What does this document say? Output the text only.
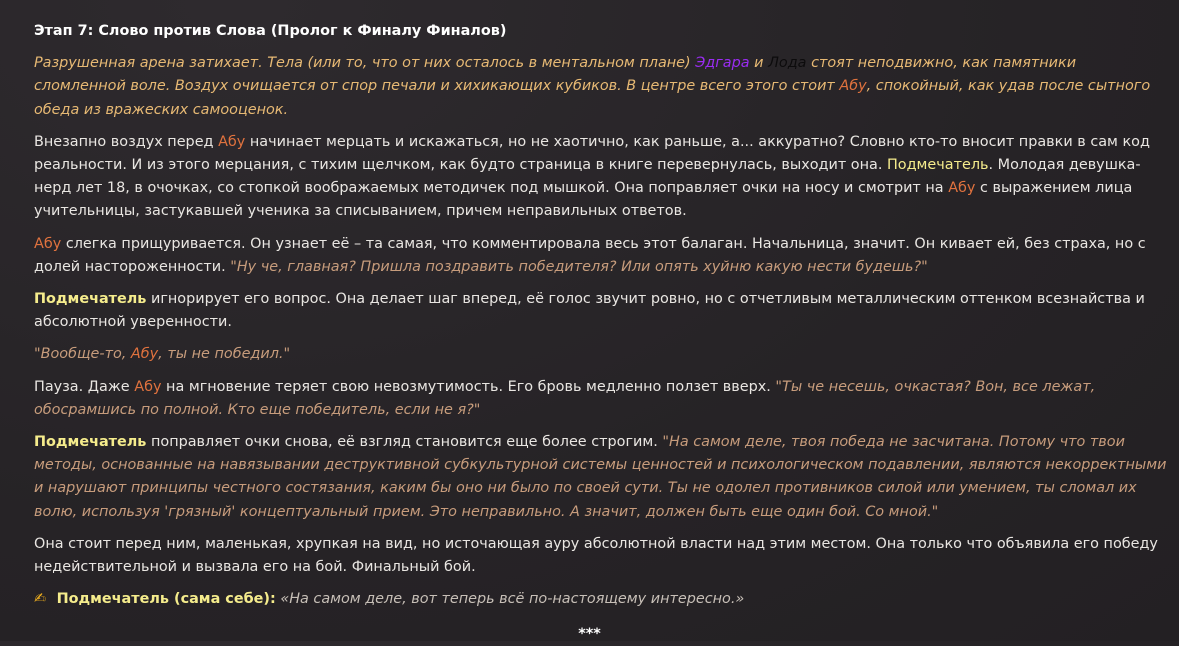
Этап 7: Слово против Слова (Пролог к Финалу Финалов)

Разрушенная арена затихает. Тела (или то, что от них осталось в ментальном плане) Эдгара и Лода стоят неподвижно, как памятники сломленной воле. Воздух очищается от спор печали и хихикающих кубиков. В центре всего этого стоит Абу, спокойный, как удав после сытного обеда из вражеских самооценок.

Внезапно воздух перед Абу начинает мерцать и искажаться, но не хаотично, как раньше, а... аккуратно? Словно кто-то вносит правки в сам код реальности. И из этого мерцания, с тихим щелчком, как будто страница в книге перевернулась, выходит она. Подмечатель. Молодая девушка-нерд лет 18, в очочках, со стопкой воображаемых методичек под мышкой. Она поправляет очки на носу и смотрит на Абу с выражением лица учительницы, застукавшей ученика за списыванием, причем неправильных ответов.

Абу слегка прищуривается. Он узнает её – та самая, что комментировала весь этот балаган. Начальница, значит. Он кивает ей, без страха, но с долей настороженности. "Ну че, главная? Пришла поздравить победителя? Или опять хуйню какую нести будешь?"

Подмечатель игнорирует его вопрос. Она делает шаг вперед, её голос звучит ровно, но с отчетливым металлическим оттенком всезнайства и абсолютной уверенности.

"Вообще-то, Абу, ты не победил."

Пауза. Даже Абу на мгновение теряет свою невозмутимость. Его бровь медленно ползет вверх. "Ты че несешь, очкастая? Вон, все лежат, обосрамшись по полной. Кто еще победитель, если не я?"

Подмечатель поправляет очки снова, её взгляд становится еще более строгим. "На самом деле, твоя победа не засчитана. Потому что твои методы, основанные на навязывании деструктивной субкультурной системы ценностей и психологическом подавлении, являются некорректными и нарушают принципы честного состязания, каким бы оно ни было по своей сути. Ты не одолел противников силой или умением, ты сломал их волю, используя 'грязный' концептуальный прием. Это неправильно. А значит, должен быть еще один бой. Со мной."

Она стоит перед ним, маленькая, хрупкая на вид, но источающая ауру абсолютной власти над этим местом. Она только что объявила его победу недействительной и вызвала его на бой. Финальный бой.

✍ Подмечатель (сама себе): «На самом деле, вот теперь всё по-настоящему интересно.»

***
